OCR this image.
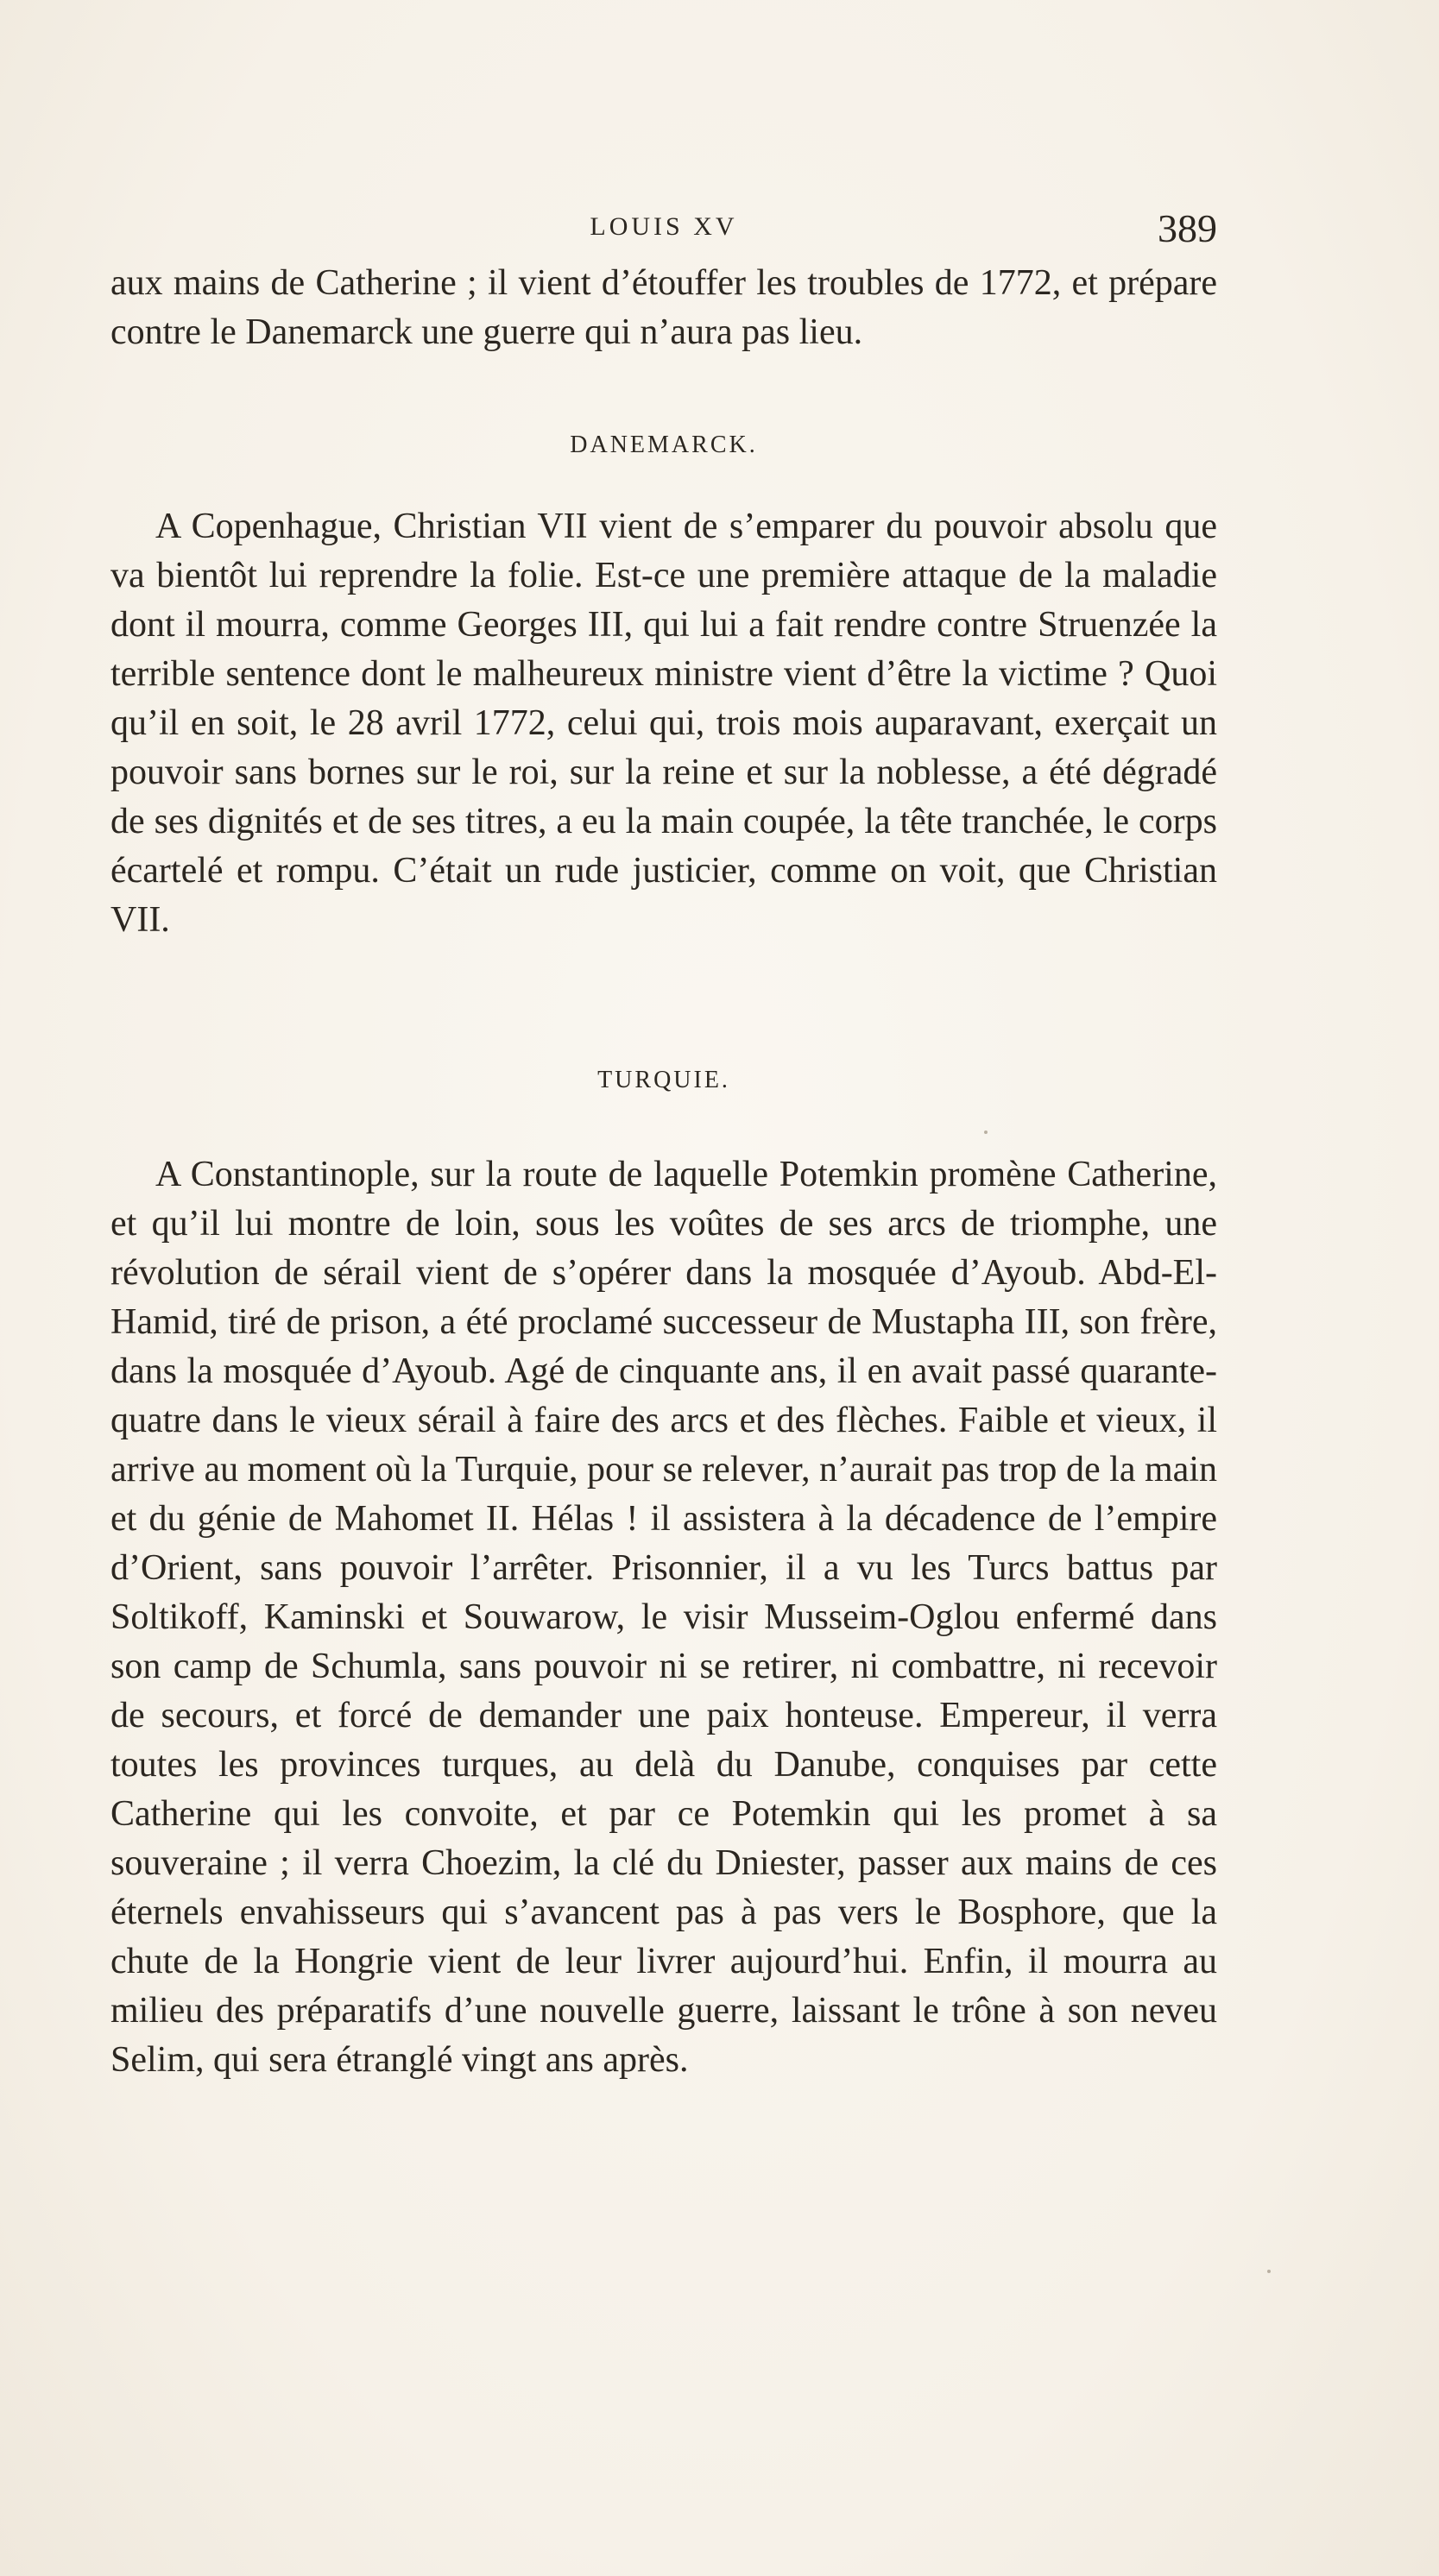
LOUIS XV	389

aux mains de Catherine ; il vient d’étouffer les troubles de 1772, et prépare contre le Danemarck une guerre qui n’aura pas lieu.

DANEMARCK.

A Copenhague, Christian VII vient de s’emparer du pouvoir absolu que va bientôt lui reprendre la folie. Est-ce une première attaque de la maladie dont il mourra, comme Georges III, qui lui a fait rendre contre Struenzée la terrible sentence dont le malheureux ministre vient d’être la victime ? Quoi qu’il en soit, le 28 avril 1772, celui qui, trois mois auparavant, exerçait un pouvoir sans bornes sur le roi, sur la reine et sur la noblesse, a été dégradé de ses dignités et de ses titres, a eu la main coupée, la tête tranchée, le corps écartelé et rompu. C’était un rude justicier, comme on voit, que Christian VII.

TURQUIE.

A Constantinople, sur la route de laquelle Potemkin promène Catherine, et qu’il lui montre de loin, sous les voûtes de ses arcs de triomphe, une révolution de sérail vient de s’opérer dans la mosquée d’Ayoub. Abd-El-Hamid, tiré de prison, a été proclamé successeur de Mustapha III, son frère, dans la mosquée d’Ayoub. Agé de cinquante ans, il en avait passé quarante-quatre dans le vieux sérail à faire des arcs et des flèches. Faible et vieux, il arrive au moment où la Turquie, pour se relever, n’aurait pas trop de la main et du génie de Mahomet II. Hélas ! il assistera à la décadence de l’empire d’Orient, sans pouvoir l’arrêter. Prisonnier, il a vu les Turcs battus par Soltikoff, Kaminski et Souwarow, le visir Musseim-Oglou enfermé dans son camp de Schumla, sans pouvoir ni se retirer, ni combattre, ni recevoir de secours, et forcé de demander une paix honteuse. Empereur, il verra toutes les provinces turques, au delà du Danube, conquises par cette Catherine qui les convoite, et par ce Potemkin qui les promet à sa souveraine ; il verra Choezim, la clé du Dniester, passer aux mains de ces éternels envahisseurs qui s’avancent pas à pas vers le Bosphore, que la chute de la Hongrie vient de leur livrer aujourd’hui. Enfin, il mourra au milieu des préparatifs d’une nouvelle guerre, laissant le trône à son neveu Selim, qui sera étranglé vingt ans après.
